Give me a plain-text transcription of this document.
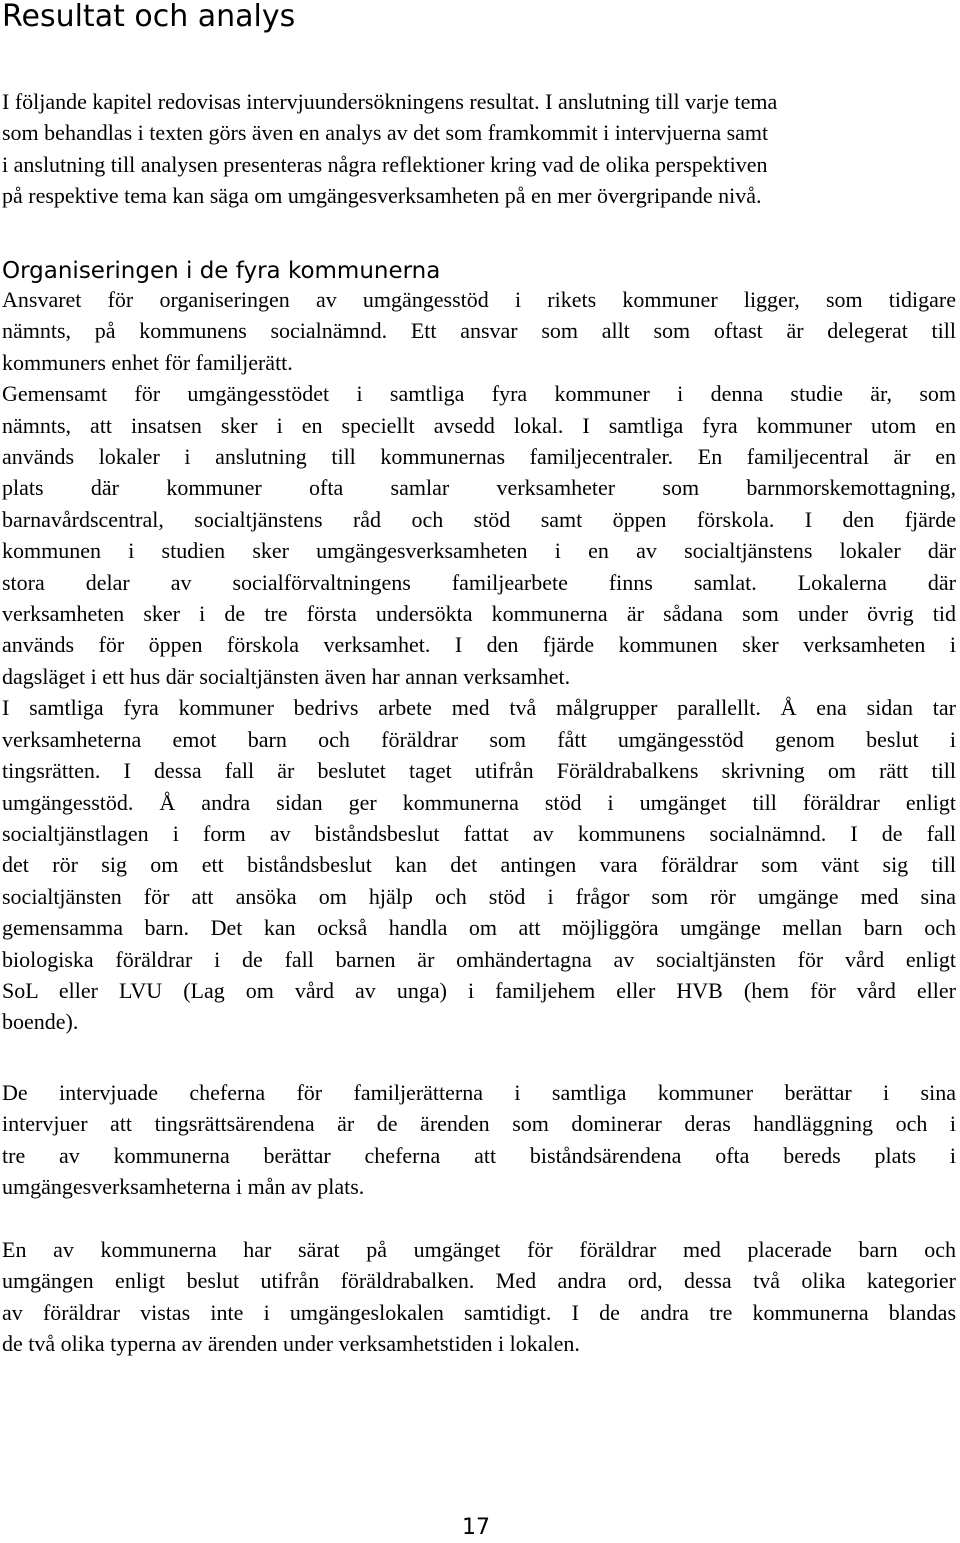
Resultat och analys
I följande kapitel redovisas intervjuundersökningens resultat. I anslutning till varje tema
som behandlas i texten görs även en analys av det som framkommit i intervjuerna samt
i anslutning till analysen presenteras några reflektioner kring vad de olika perspektiven
på respektive tema kan säga om umgängesverksamheten på en mer övergripande nivå.
Organiseringen i de fyra kommunerna
Ansvaret för organiseringen av umgängesstöd i rikets kommuner ligger, som tidigare
nämnts, på kommunens socialnämnd. Ett ansvar som allt som oftast är delegerat till
kommuners enhet för familjerätt.
Gemensamt för umgängesstödet i samtliga fyra kommuner i denna studie är, som
nämnts, att insatsen sker i en speciellt avsedd lokal. I samtliga fyra kommuner utom en
används lokaler i anslutning till kommunernas familjecentraler. En familjecentral är en
plats där kommuner ofta samlar verksamheter som barnmorskemottagning,
barnavårdscentral, socialtjänstens råd och stöd samt öppen förskola. I den fjärde
kommunen i studien sker umgängesverksamheten i en av socialtjänstens lokaler där
stora delar av socialförvaltningens familjearbete finns samlat. Lokalerna där
verksamheten sker i de tre första undersökta kommunerna är sådana som under övrig tid
används för öppen förskola verksamhet. I den fjärde kommunen sker verksamheten i
dagsläget i ett hus där socialtjänsten även har annan verksamhet.
I samtliga fyra kommuner bedrivs arbete med två målgrupper parallellt. Å ena sidan tar
verksamheterna emot barn och föräldrar som fått umgängesstöd genom beslut i
tingsrätten. I dessa fall är beslutet taget utifrån Föräldrabalkens skrivning om rätt till
umgängesstöd. Å andra sidan ger kommunerna stöd i umgänget till föräldrar enligt
socialtjänstlagen i form av biståndsbeslut fattat av kommunens socialnämnd. I de fall
det rör sig om ett biståndsbeslut kan det antingen vara föräldrar som vänt sig till
socialtjänsten för att ansöka om hjälp och stöd i frågor som rör umgänge med sina
gemensamma barn. Det kan också handla om att möjliggöra umgänge mellan barn och
biologiska föräldrar i de fall barnen är omhändertagna av socialtjänsten för vård enligt
SoL eller LVU (Lag om vård av unga) i familjehem eller HVB (hem för vård eller
boende).
De intervjuade cheferna för familjerätterna i samtliga kommuner berättar i sina
intervjuer att tingsrättsärendena är de ärenden som dominerar deras handläggning och i
tre av kommunerna berättar cheferna att biståndsärendena ofta bereds plats i
umgängesverksamheterna i mån av plats.
En av kommunerna har särat på umgänget för föräldrar med placerade barn och
umgängen enligt beslut utifrån föräldrabalken. Med andra ord, dessa två olika kategorier
av föräldrar vistas inte i umgängeslokalen samtidigt. I de andra tre kommunerna blandas
de två olika typerna av ärenden under verksamhetstiden i lokalen.
17
